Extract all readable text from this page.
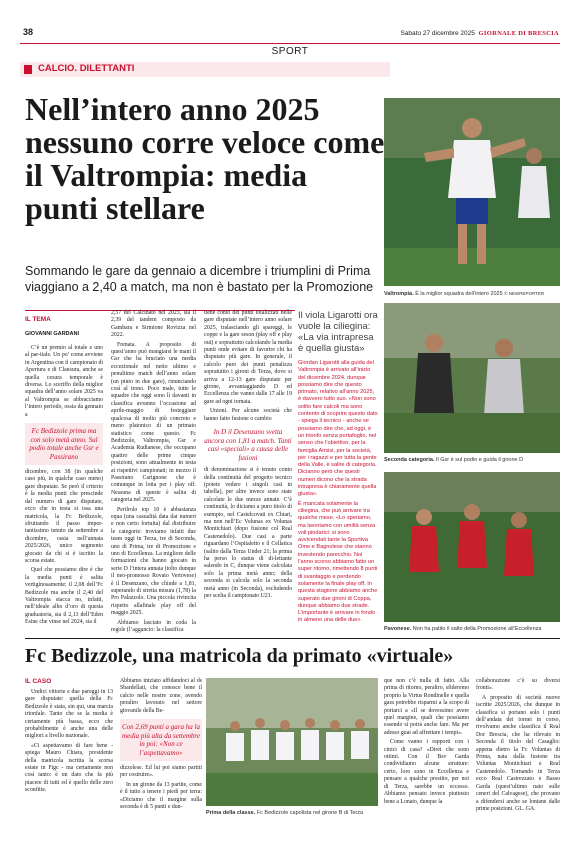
38	Sabato 27 dicembre 2025 GIORNALE DI BRESCIA
SPORT
CALCIO. DILETTANTI
Nell’intero anno 2025 nessuno corre veloce come il Valtrompia: media punti stellare
Sommando le gare da gennaio a dicembre i triumplini di Prima viaggiano a 2,40 a match, ma non è bastato per la Promozione	Valtrompia. È la miglior squadra dell’intero 2025 © NEWREPORTER
IL TEMA
GIOVANNI GARDANI

C’è un premio al totale e uno al par-tiale. Un po’ come avviene in Argentina con il campionato di Apertura e di Clausura, anche se quella cesura temporale è diversa. Lo sceriffo della miglior squadra dell’anno solare 2025 va al Valtrompia se abbracciamo l’intero periodo, ossia da gennaio a

Fc Bedizzole prima ma con solo metà anno. Sul podio totale anche Gsr e Passirano

dicembre, con 38 (in qualche caso più, in qualche caso meno) gare disputate. Se però il criterio è la media punti che prescinde dal numero di gare disputate, ecco che in testa si issa una matricola, la Fc Bedizzole, sfruttando il passo impor-tantissimo tenuto da settembre a dicembre, ossia nell’annata 2025/2026, unico segmento giocato da chi si è iscritto la scorsa estate.

Quel che possiamo dire è che la media punti è salita vertiginosamente: il 2,08 dell’Fc Bedizzole ma anche il 2,40 del Valtrompia stacca no, infatti, nell’ideale albo d’oro di questa graduatoria, sia il 2,13 dell’Eden Esine che vinse nel 2024, sia il

2,57 del Calcinato nel 2023, sia il 2,39 del tandem composto da Gambara e Sirmione Rovizza nel 2022.

Frenata. A proposito di quest’anno può mangiarsi le mani il Gsr che ha bruciato una media eccezionale nel netto ultimo e penultimo match dell’anno solare (un pinto in due gare), rinunciando così al trono. Poco male, tutte le squadre che oggi sono lì davanti in classifica avranno l’occasione ad aprile-maggio di festeggiare qualcosa di molto più concreto e meno platonico di un primato statistico come questo. Fc Bedizzole, Valtrompia, Gsr e Academia Rudianese, che occupano quattro delle prime cinque posizioni, sono attualmente in testa ai rispettivi campionati; in mezzo il Passirano Carignone che è comunque in lotta per i play off. Nessuna di queste è salita di categoria nel 2025.

Perilrolo top 10 è abbastanza equa (una casualità data dai numeri e non certo fortuita) dal distribuire le categorie: troviamo infatti due team oggi in Terza, tre di Seconda, uno di Prima, tre di Promozione e uno di Eccellenza. La migliore delle formazioni che hanno giocato in serie D l’intera annata (tolto dunque il neo-promosso Rovato Vertovese) è il Desenzano, che chiude a 1,81, superando di stretta misura (1,78) la Pro Palazzolo. Una piccola rivincita rispetto allafinale play off del maggio 2025.

Abbiamo lasciato in coda la regole (l’aggancio: la classifica

tiene conto dei punti totalizzati nelle gare disputate nell’intero anno solare 2025, tralasciando gli spareggi, le coppe e la gare seson (play off e play out) e soprattutto calcolando la media punti onde evitare di favorire chi ha disputato più gare. In generale, il calcolo puro dei punti penalizza sopratuttto i gironi di Terza, dove si arriva a 12-13 gare disputate per girone, avvantaggiando D ed Eccellenza che vanno dalle 17 alle 19 gare ad ogni tornata.

Unioni. Per alcune società che hanno fatto fusione o cambio

In D il Desenzano svetta ancora con 1,81 a match. Tanti casi «speciali» a causa delle fusioni

di denominazione si è tenuto conto della continuità del progetto tecnico (potete vedere i singoli casi in tabella), per altre invece sono state calcolate le due mezze annate. C’è continuità, lo diciamo a puro titolo di esempio, nel Castelcovati ex Chiari, ma non nell’Ec Volunas ex Volunas Montichiari (dopo fusione col Real Castenedolo). Due casi a parte riguardano l’Ospitaletto e il Cellatica (salito dalla Terza Under 21; la prima ha perso lo status di di-lettante salendo in C, dunque viene calcolata solo la prima metà anno; della seconda si calcola solo la seconda metà anno (in Seconda), escludendo per scelta il campionato U21.

Il viola Ligarotti ora vuole la ciliegina: «La via intrapresa è quella giusta»

Giordan Ligarotti alla guida del Valtrompia è arrivato all’inizio del dicembre 2024. dunque possiamo dire che questo primato, relativo all’anno 2025, è davvero tutto suo. «Non sono solito fare calcoli ma sono contento di scoprire questo dato - spiega il tecnico - anche se possiamo dire che, ad oggi, è un trionfo senza portafoglio, nel senso che l’obiettivo, per la famiglia Ansisi, per la società, per i ragazzi e per tutta la gente della Valle, è salire di categoria. Dicianno però che questi numeri dicono che la strada intrapresa è chiaramente quella giusta».

È mancata solamente la ciliegina, che può arrivare tra qualche mese. «Lo speriamo, ma lavoriamo con umiltà senza voli pindarici: si sono avvicendati tante la Sportiva Ome e Bagnolese che stanno investendo parecchio. Noi l’anno scorso abbiamo fatto un super ritorno, rimettendo 8 punti di svantaggio e perdendo solamente la finale play off. In questa stagione abbiamo anche superato due gironi di Coppa, dunque abbiamo due strade. L’importante è arrivare in fondo in almeno una delle due».

Seconda categoria. Il Gsr è sul podio e guida il girone D
Pavonese. Non ha patito il salto della Promozione all’Eccellenza
Fc Bedizzole, una matricola da primato «virtuale»
IL CASO

Undici vittorie e due pareggi in 13 gare disputate: quella della Fc Bedizzole è stata, sin qui, una marcia trionfale. Tanto che se la media è certamente più bassa, ecco che probabilmente è anche una delle migliori a livello nazionale.

«Ci aspettavamo di fare bene - spiega Mauro Chiara, presidente della matricola iscritta la scorsa estate in Figc - ma certamente non così tanto: è un dato che fa più piacere di tutti ed è quello delle zero sconfitte.

Abbiamo iniziato affidandoci al ds Sbardellati, che conosce bene il calcio nelle nostre zone, avendo peraltro lavorato nel settore giovanile della Be-

Con 2,69 punti a gara ha la media più alta da settembre in poi: «Non ce l’aspettavamo»

dizzolese. Ed lui poi siamo partiti per costruire».

In un girone da 13 partite, come è il tutto a tenere i piedi per terra: «Diciamo che il margine sulla seconda è di 5 punti e dun-

Prima della classe. Fc Bedizzole capolista nel girone B di Terza

que non c’è nulla di fatto. Alla prima di ritorno, peraltro, sfideremo proprio la Virtus Rondinelle e quella gara potrebbe risparmi a la scopo di portarci a «Il se dovessimo avere quel margine, quali che possiamo essendo si potrà anche fare. Ma per adesso guai ad affrettare i tempi».

Come vanno i rapporti con i cinici di casa? «Direi che sono ottimi. Con il Bsv Garda condividiamo alcune strutture: certo, loro sono in Eccellenza e pensare a qualche prestito, per noi di Terza, sarebbe un eccesso. Abbiamo pensato invece piuttosto bene a Lonato, dunque la

collaborazione c’è su diversi fronti».

A proposito di società nuove iscritte 2025/2026, che dunque in classifica si portano solo i punti dell’andata dei tornei in corso, rivolvamo anche classifica il Real Dor Brescia, che ha rilevato in Seconda il titolo del Casaglio: appena dietro la Fc Voluntas di Prima, nata dalla fusione tra Voluntas Montichiari e Real Castenedolo. Tornando in Terza ecco Real Castrezzato e Basso Garda (quest’ultimo nato sulle ceneri del Calvagese), che provano a difendersi anche se lontane dalle prime posizioni. GL. GA.
